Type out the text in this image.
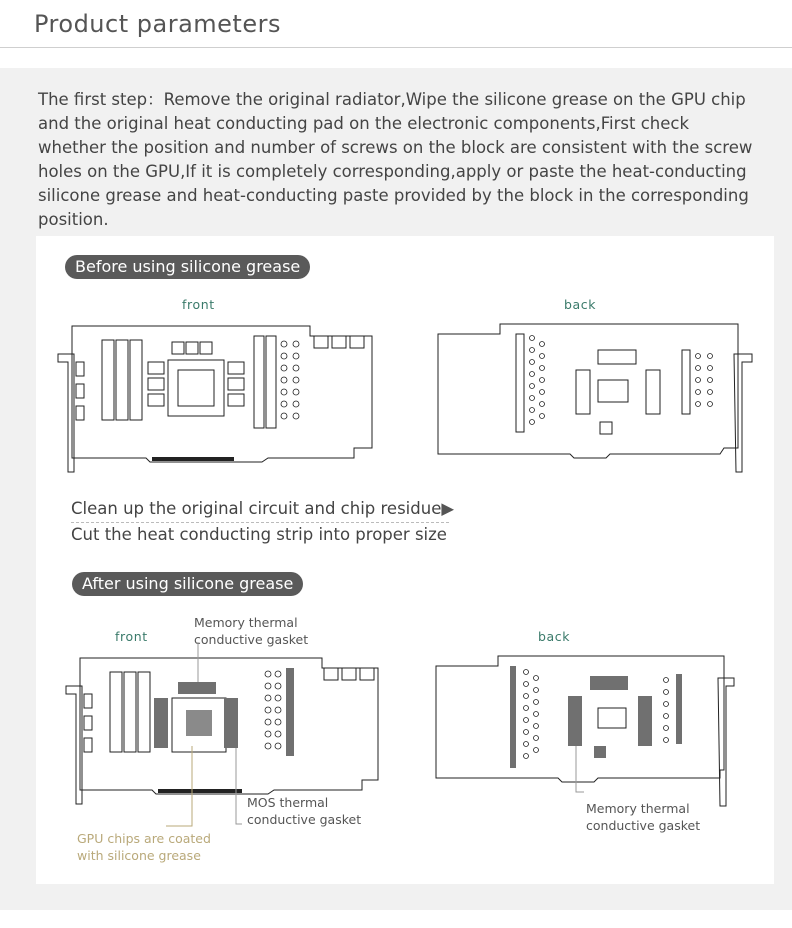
Product parameters
The first step：Remove the original radiator,Wipe the silicone grease on the GPU chip and the original heat conducting pad on the electronic components,First check whether the position and number of screws on the block are consistent with the screw holes on the GPU,If it is completely corresponding,apply or paste the heat-conducting silicone grease and heat-conducting paste provided by the block in the corresponding position.
Before using silicone grease
front	back
Clean up the original circuit and chip residue▶
Cut the heat conducting strip into proper size
After using silicone grease
front	back
Memory thermal
conductive gasket
MOS thermal
conductive gasket
GPU chips are coated
with silicone grease
Memory thermal
conductive gasket
